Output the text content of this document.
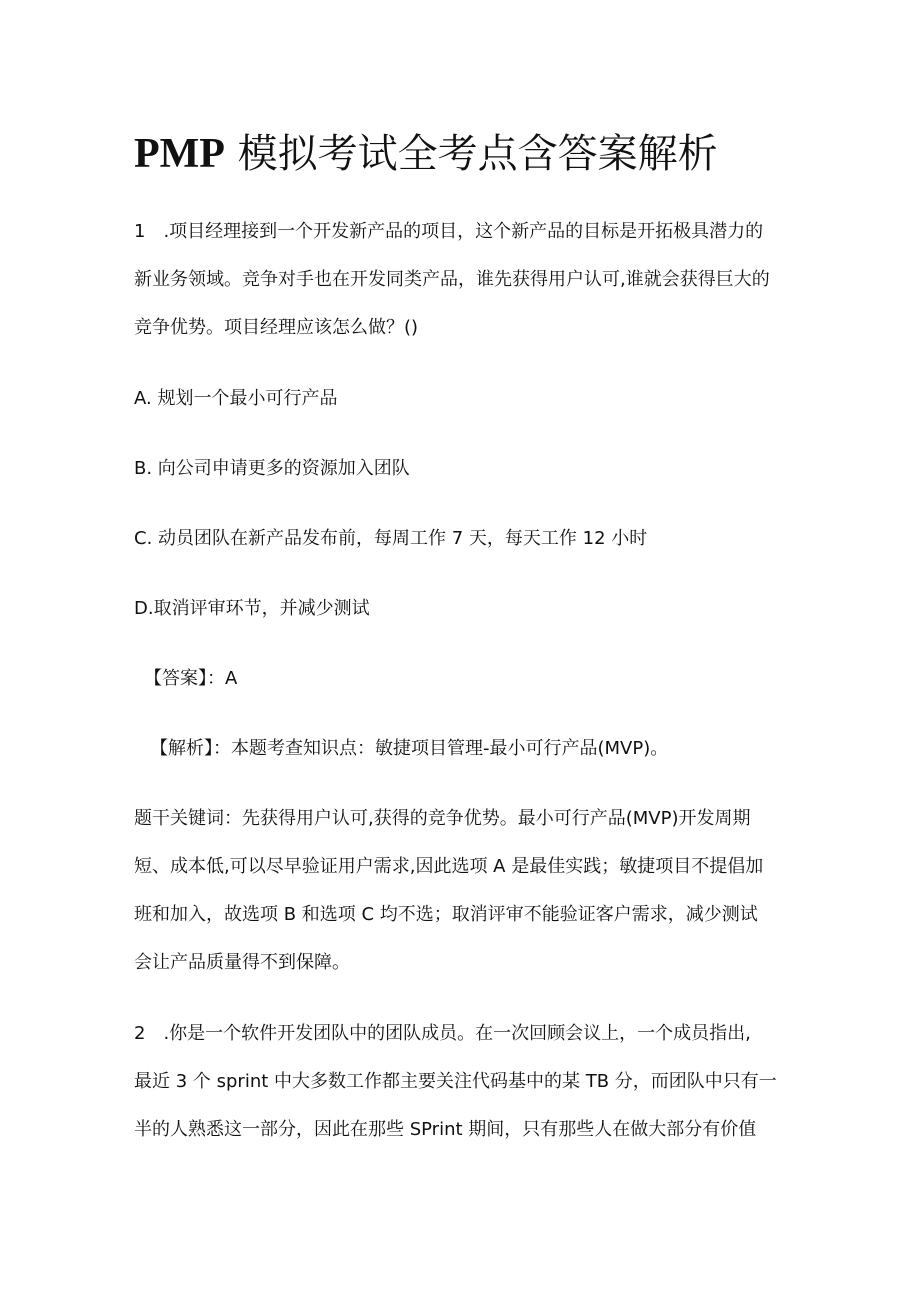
PMP 模拟考试全考点含答案解析
1　.项目经理接到一个开发新产品的项目，这个新产品的目标是开拓极具潜力的
新业务领域。竞争对手也在开发同类产品，谁先获得用户认可,谁就会获得巨大的
竞争优势。项目经理应该怎么做？()
A. 规划一个最小可行产品
B. 向公司申请更多的资源加入团队
C. 动员团队在新产品发布前，每周工作 7 天，每天工作 12 小时
D.取消评审环节，并减少测试
【答案】：A
【解析】：本题考查知识点：敏捷项目管理-最小可行产品(MVP)。
题干关键词：先获得用户认可,获得的竞争优势。最小可行产品(MVP)开发周期
短、成本低,可以尽早验证用户需求,因此选项 A 是最佳实践；敏捷项目不提倡加
班和加入，故选项 B 和选项 C 均不选；取消评审不能验证客户需求，减少测试
会让产品质量得不到保障。
2　.你是一个软件开发团队中的团队成员。在一次回顾会议上，一个成员指出,
最近 3 个 sprint 中大多数工作都主要关注代码基中的某 TB 分，而团队中只有一
半的人熟悉这一部分，因此在那些 SPrint 期间，只有那些人在做大部分有价值
